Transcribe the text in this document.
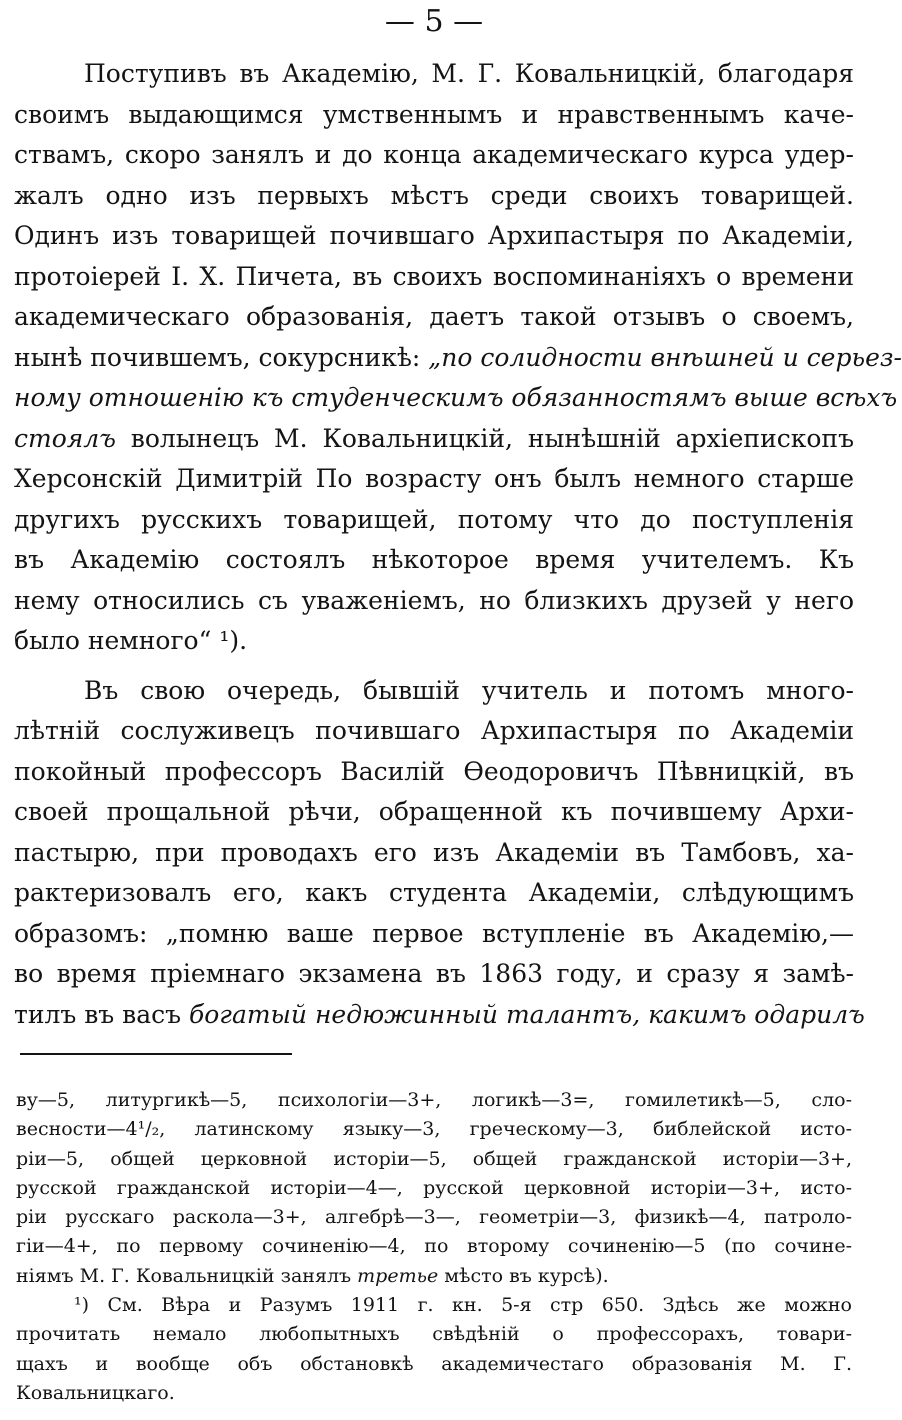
— 5 —
Поступивъ въ Академію, М. Г. Ковальницкій, благодаря
своимъ выдающимся умственнымъ и нравственнымъ каче-
ствамъ, скоро занялъ и до конца академическаго курса удер-
жалъ одно изъ первыхъ мѣстъ среди своихъ товарищей.
Одинъ изъ товарищей почившаго Архипастыря по Академіи,
протоіерей І. Х. Пичета, въ своихъ воспоминаніяхъ о времени
академическаго образованія, даетъ такой отзывъ о своемъ,
нынѣ почившемъ, сокурсникѣ: „по солидности внѣшней и серьез-
ному отношенію къ студенческимъ обязанностямъ выше всѣхъ
стоялъ волынецъ М. Ковальницкій, нынѣшній архіепископъ
Херсонскій Димитрій По возрасту онъ былъ немного старше
другихъ русскихъ товарищей, потому что до поступленія
въ Академію состоялъ нѣкоторое время учителемъ. Къ
нему относились съ уваженіемъ, но близкихъ друзей у него
было немного“ ¹).
Въ свою очередь, бывшій учитель и потомъ много-
лѣтній сослуживецъ почившаго Архипастыря по Академіи
покойный профессоръ Василій Ѳеодоровичъ Пѣвницкій, въ
своей прощальной рѣчи, обращенной къ почившему Архи-
пастырю, при проводахъ его изъ Академіи въ Тамбовъ, ха-
рактеризовалъ его, какъ студента Академіи, слѣдующимъ
образомъ: „помню ваше первое вступленіе въ Академію,—
во время пріемнаго экзамена въ 1863 году, и сразу я замѣ-
тилъ въ васъ богатый недюжинный талантъ, какимъ одарилъ
ву—5, литургикѣ—5, психологіи—3+, логикѣ—3=, гомилетикѣ—5, сло-
весности—4¹/₂, латинскому языку—3, греческому—3, библейской исто-
ріи—5, общей церковной исторіи—5, общей гражданской исторіи—3+,
русской гражданской исторіи—4—, русской церковной исторіи—3+, исто-
ріи русскаго раскола—3+, алгебрѣ—3—, геометріи—3, физикѣ—4, патроло-
гіи—4+, по первому сочиненію—4, по второму сочиненію—5 (по сочине-
ніямъ М. Г. Ковальницкій занялъ третье мѣсто въ курсѣ).
¹) См. Вѣра и Разумъ 1911 г. кн. 5-я стр 650. Здѣсь же можно
прочитать немало любопытныхъ свѣдѣній о профессорахъ, товари-
щахъ и вообще объ обстановкѣ академичестаго образованія М. Г.
Ковальницкаго.
